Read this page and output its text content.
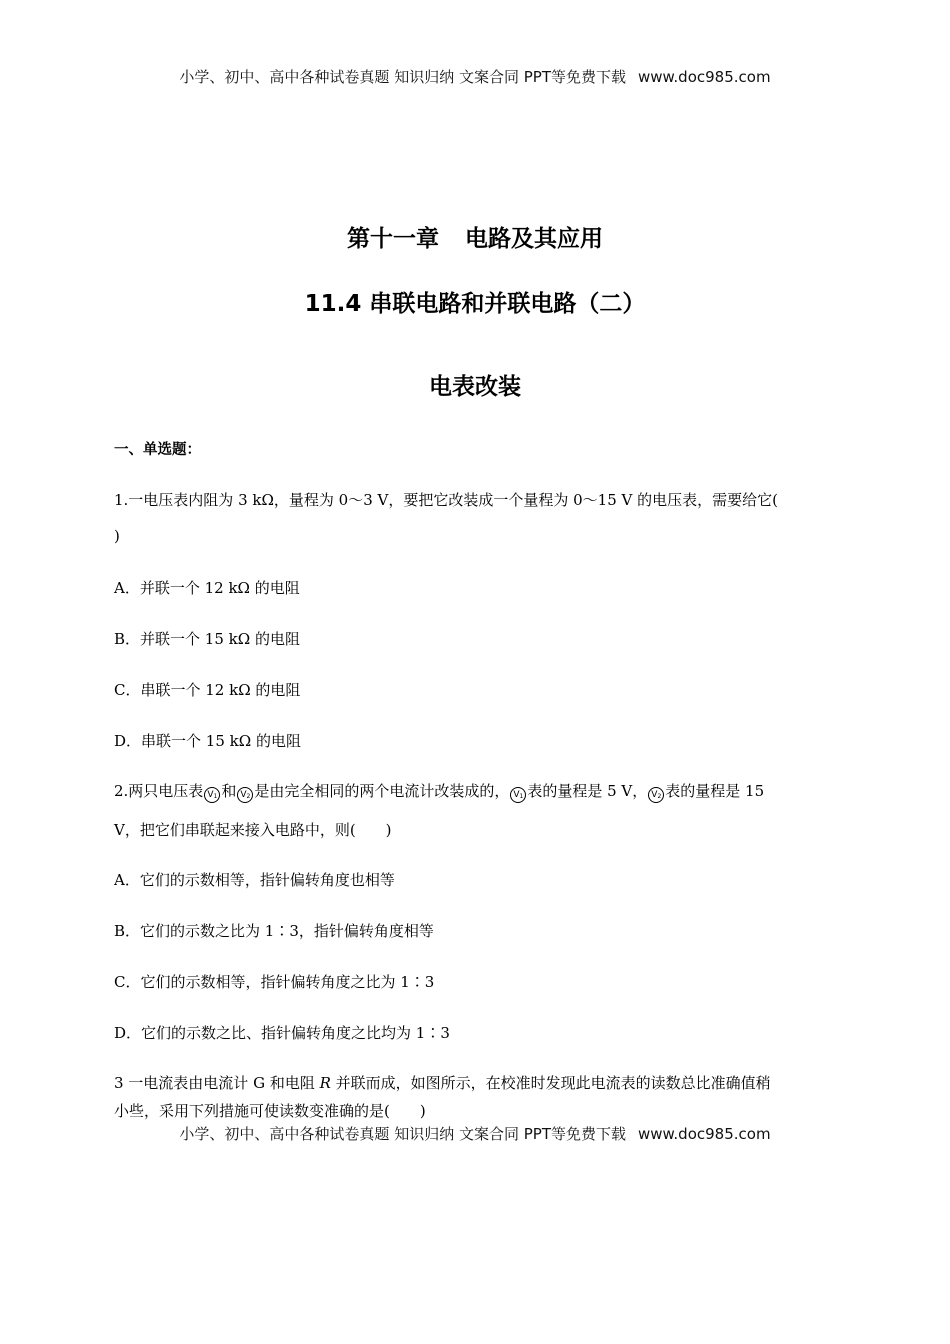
小学、初中、高中各种试卷真题 知识归纳 文案合同 PPT等免费下载 www.doc985.com
第十一章 电路及其应用
11.4 串联电路和并联电路（二）
电表改装
一、单选题：
1.一电压表内阻为 3 kΩ，量程为 0～3 V，要把它改装成一个量程为 0～15 V 的电压表，需要给它(
)
A．并联一个 12 kΩ 的电阻
B．并联一个 15 kΩ 的电阻
C．串联一个 12 kΩ 的电阻
D．串联一个 15 kΩ 的电阻
2.两只电压表 $V_1$ 和 $V_2$ 是由完全相同的两个电流计改装成的， $V_1$ 表的量程是 5 V， $V_2$ 表的量程是 15
V，把它们串联起来接入电路中，则(　　)
A．它们的示数相等，指针偏转角度也相等
B．它们的示数之比为 1∶3，指针偏转角度相等
C．它们的示数相等，指针偏转角度之比为 1∶3
D．它们的示数之比、指针偏转角度之比均为 1∶3
3 一电流表由电流计 G 和电阻 R 并联而成，如图所示，在校准时发现此电流表的读数总比准确值稍
小些，采用下列措施可使读数变准确的是(　　)
小学、初中、高中各种试卷真题 知识归纳 文案合同 PPT等免费下载 www.doc985.com
